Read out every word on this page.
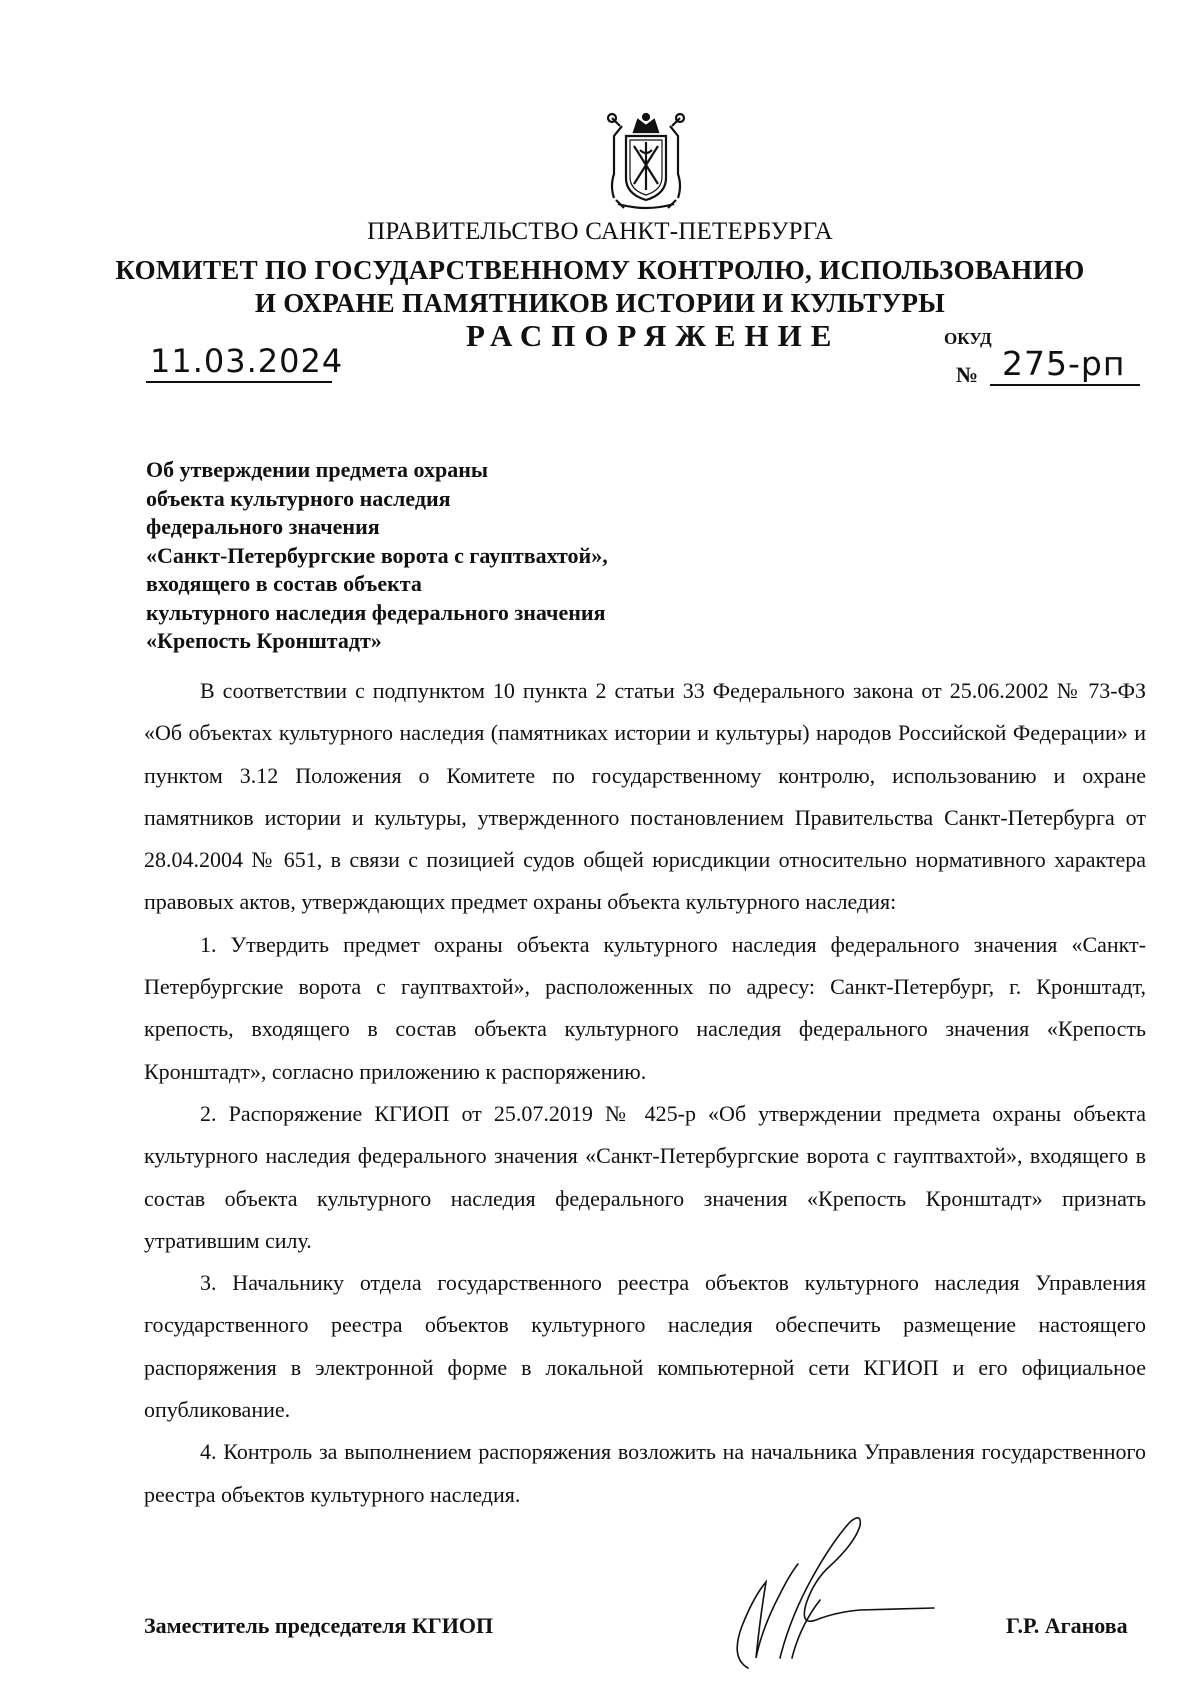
ПРАВИТЕЛЬСТВО САНКТ-ПЕТЕРБУРГА
КОМИТЕТ ПО ГОСУДАРСТВЕННОМУ КОНТРОЛЮ, ИСПОЛЬЗОВАНИЮ
И ОХРАНЕ ПАМЯТНИКОВ ИСТОРИИ И КУЛЬТУРЫ
РАСПОРЯЖЕНИЕ	ОКУД
11.03.2024	№ 275-рп
Об утверждении предмета охраны
объекта культурного наследия
федерального значения
«Санкт-Петербургские ворота с гауптвахтой»,
входящего в состав объекта
культурного наследия федерального значения
«Крепость Кронштадт»

В соответствии с подпунктом 10 пункта 2 статьи 33 Федерального закона от 25.06.2002 № 73-ФЗ «Об объектах культурного наследия (памятниках истории и культуры) народов Российской Федерации» и пунктом 3.12 Положения о Комитете по государственному контролю, использованию и охране памятников истории и культуры, утвержденного постановлением Правительства Санкт-Петербурга от 28.04.2004 № 651, в связи с позицией судов общей юрисдикции относительно нормативного характера правовых актов, утверждающих предмет охраны объекта культурного наследия:

1. Утвердить предмет охраны объекта культурного наследия федерального значения «Санкт-Петербургские ворота с гауптвахтой», расположенных по адресу: Санкт-Петербург, г. Кронштадт, крепость, входящего в состав объекта культурного наследия федерального значения «Крепость Кронштадт», согласно приложению к распоряжению.

2. Распоряжение КГИОП от 25.07.2019 № 425-р «Об утверждении предмета охраны объекта культурного наследия федерального значения «Санкт-Петербургские ворота с гауптвахтой», входящего в состав объекта культурного наследия федерального значения «Крепость Кронштадт» признать утратившим силу.

3. Начальнику отдела государственного реестра объектов культурного наследия Управления государственного реестра объектов культурного наследия обеспечить размещение настоящего распоряжения в электронной форме в локальной компьютерной сети КГИОП и его официальное опубликование.

4. Контроль за выполнением распоряжения возложить на начальника Управления государственного реестра объектов культурного наследия.

Заместитель председателя КГИОП	Г.Р. Аганова
